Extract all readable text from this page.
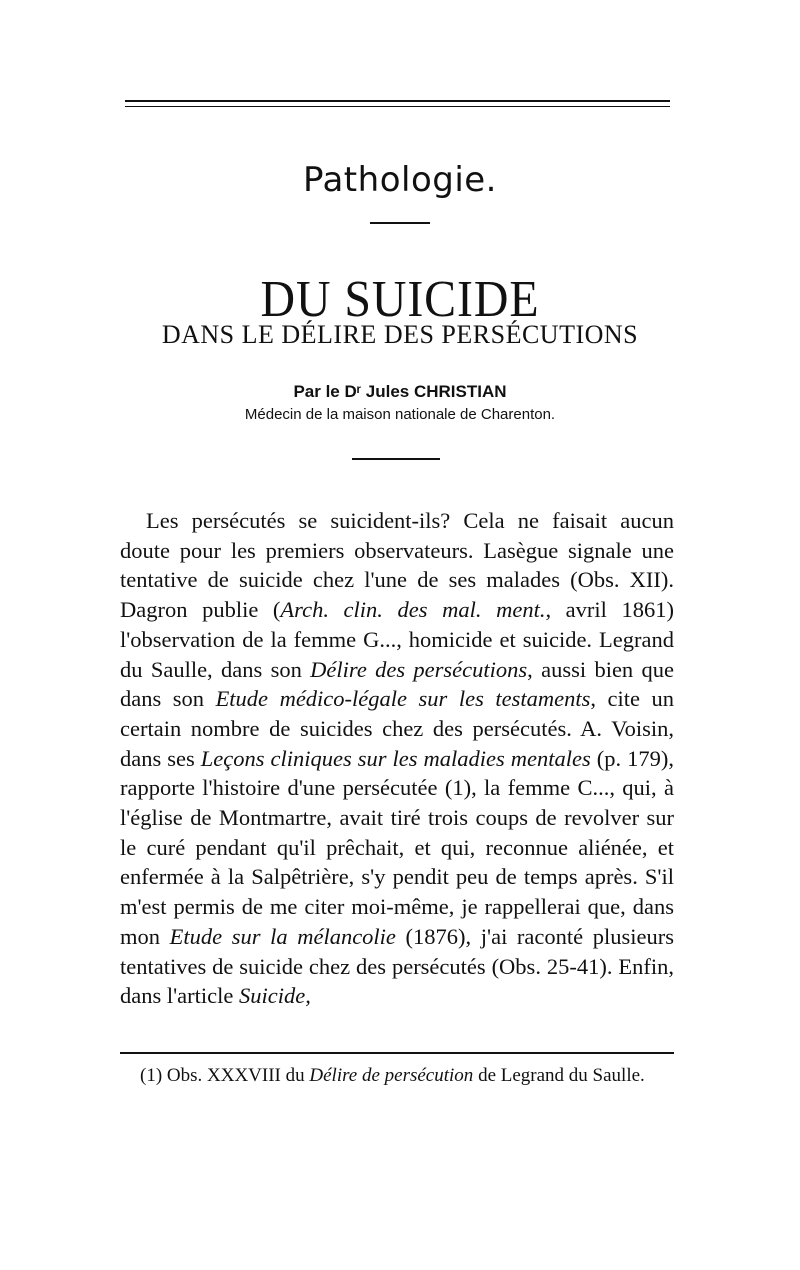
Pathologie.
DU SUICIDE
DANS LE DÉLIRE DES PERSÉCUTIONS
Par le Dʳ Jules CHRISTIAN
Médecin de la maison nationale de Charenton.

Les persécutés se suicident-ils? Cela ne faisait aucun doute pour les premiers observateurs. Lasègue signale une tentative de suicide chez l'une de ses malades (Obs. XII). Dagron publie (Arch. clin. des mal. ment., avril 1861) l'observation de la femme G..., homicide et suicide. Legrand du Saulle, dans son Délire des persécutions, aussi bien que dans son Etude médico-légale sur les testaments, cite un certain nombre de suicides chez des persécutés. A. Voisin, dans ses Leçons cliniques sur les maladies mentales (p. 179), rapporte l'histoire d'une persécutée (1), la femme C..., qui, à l'église de Montmartre, avait tiré trois coups de revolver sur le curé pendant qu'il prêchait, et qui, reconnue aliénée, et enfermée à la Salpêtrière, s'y pendit peu de temps après. S'il m'est permis de me citer moi-même, je rappellerai que, dans mon Etude sur la mélancolie (1876), j'ai raconté plusieurs tentatives de suicide chez des persécutés (Obs. 25-41). Enfin, dans l'article Suicide,

(1) Obs. XXXVIII du Délire de persécution de Legrand du Saulle.
